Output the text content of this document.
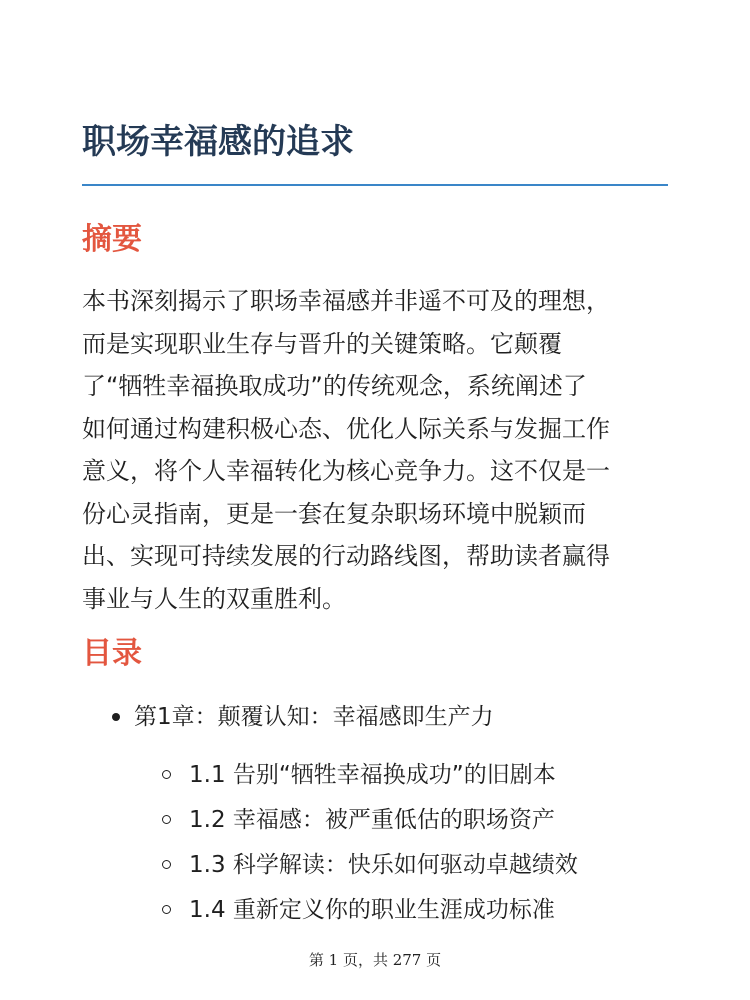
职场幸福感的追求
摘要

本书深刻揭示了职场幸福感并非遥不可及的理想，
而是实现职业生存与晋升的关键策略。它颠覆
了“牺牲幸福换取成功”的传统观念，系统阐述了
如何通过构建积极心态、优化人际关系与发掘工作
意义，将个人幸福转化为核心竞争力。这不仅是一
份心灵指南，更是一套在复杂职场环境中脱颖而
出、实现可持续发展的行动路线图，帮助读者赢得
事业与人生的双重胜利。

目录
第1章：颠覆认知：幸福感即生产力
1.1 告别“牺牲幸福换成功”的旧剧本
1.2 幸福感：被严重低估的职场资产
1.3 科学解读：快乐如何驱动卓越绩效
1.4 重新定义你的职业生涯成功标准
第 1 页，共 277 页
